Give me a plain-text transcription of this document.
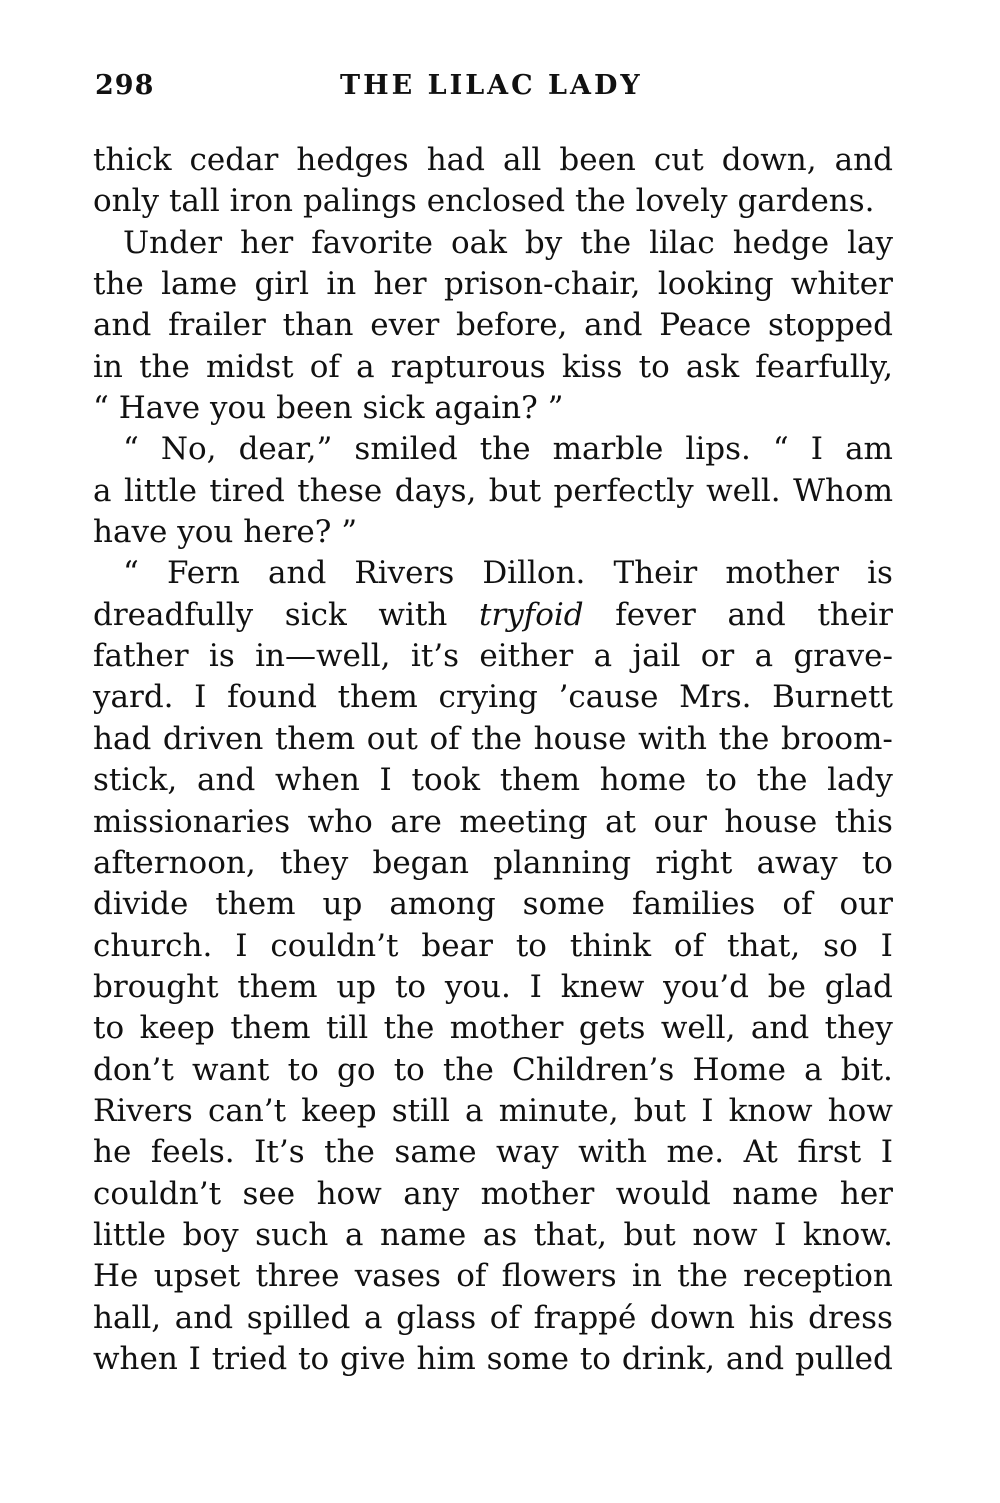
298	THE LILAC LADY
thick cedar hedges had all been cut down, and
only tall iron palings enclosed the lovely gardens.
Under her favorite oak by the lilac hedge lay
the lame girl in her prison-chair, looking whiter
and frailer than ever before, and Peace stopped
in the midst of a rapturous kiss to ask fearfully,
“ Have you been sick again? ”
“ No, dear,” smiled the marble lips. “ I am
a little tired these days, but perfectly well. Whom
have you here? ”
“ Fern and Rivers Dillon. Their mother is
dreadfully sick with tryfoid fever and their
father is in—well, it’s either a jail or a grave-
yard. I found them crying ’cause Mrs. Burnett
had driven them out of the house with the broom-
stick, and when I took them home to the lady
missionaries who are meeting at our house this
afternoon, they began planning right away to
divide them up among some families of our
church. I couldn’t bear to think of that, so I
brought them up to you. I knew you’d be glad
to keep them till the mother gets well, and they
don’t want to go to the Children’s Home a bit.
Rivers can’t keep still a minute, but I know how
he feels. It’s the same way with me. At first I
couldn’t see how any mother would name her
little boy such a name as that, but now I know.
He upset three vases of flowers in the reception
hall, and spilled a glass of frappé down his dress
when I tried to give him some to drink, and pulled
